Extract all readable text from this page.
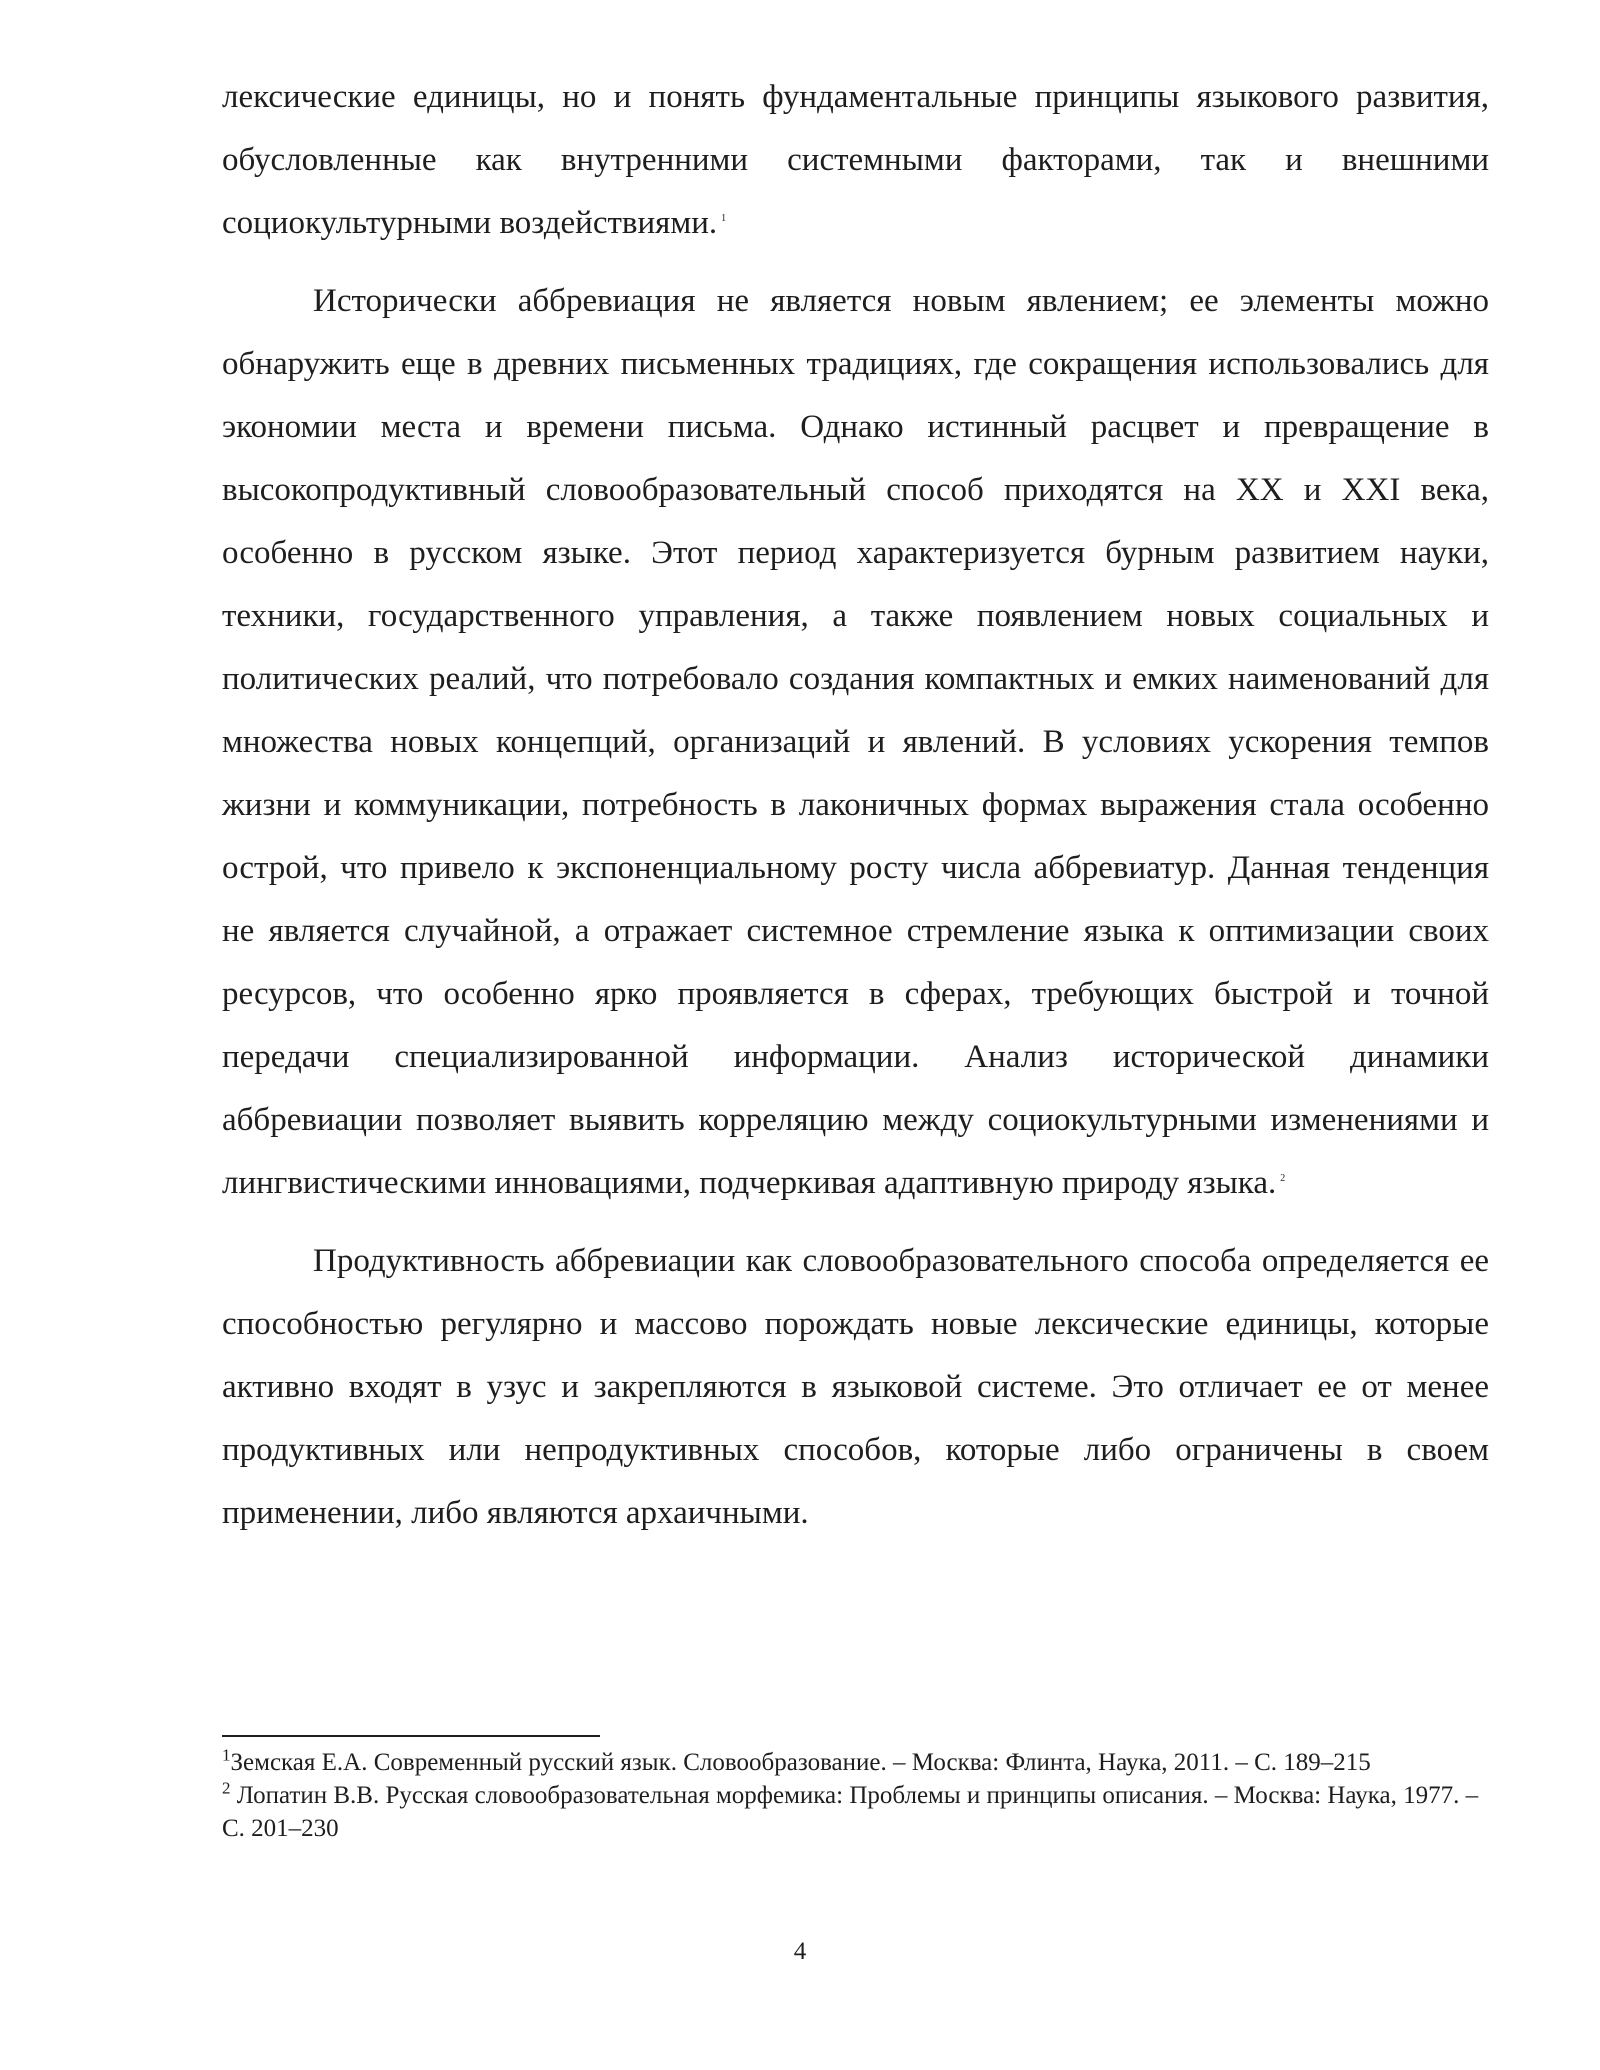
лексические единицы, но и понять фундаментальные принципы языкового развития, обусловленные как внутренними системными факторами, так и внешними социокультурными воздействиями. $^1$

Исторически аббревиация не является новым явлением; ее элементы можно обнаружить еще в древних письменных традициях, где сокращения использовались для экономии места и времени письма. Однако истинный расцвет и превращение в высокопродуктивный словообразовательный способ приходятся на XX и XXI века, особенно в русском языке. Этот период характеризуется бурным развитием науки, техники, государственного управления, а также появлением новых социальных и политических реалий, что потребовало создания компактных и емких наименований для множества новых концепций, организаций и явлений. В условиях ускорения темпов жизни и коммуникации, потребность в лаконичных формах выражения стала особенно острой, что привело к экспоненциальному росту числа аббревиатур. Данная тенденция не является случайной, а отражает системное стремление языка к оптимизации своих ресурсов, что особенно ярко проявляется в сферах, требующих быстрой и точной передачи специализированной информации. Анализ исторической динамики аббревиации позволяет выявить корреляцию между социокультурными изменениями и лингвистическими инновациями, подчеркивая адаптивную природу языка. $^2$

Продуктивность аббревиации как словообразовательного способа определяется ее способностью регулярно и массово порождать новые лексические единицы, которые активно входят в узус и закрепляются в языковой системе. Это отличает ее от менее продуктивных или непродуктивных способов, которые либо ограничены в своем применении, либо являются архаичными.

$^1$Земская Е.А. Современный русский язык. Словообразование. – Москва: Флинта, Наука, 2011. – С. 189–215

$^2$ Лопатин В.В. Русская словообразовательная морфемика: Проблемы и принципы описания. – Москва: Наука, 1977. – С. 201–230

4
